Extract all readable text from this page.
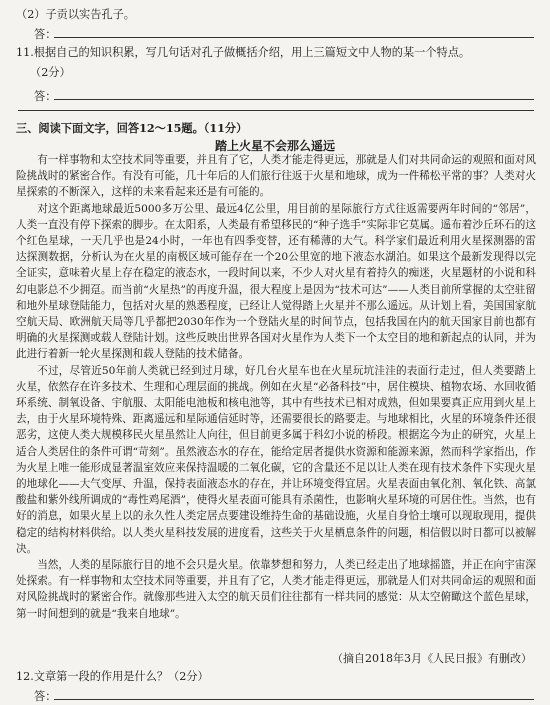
（2）子贡以实告孔子。
答：
11.根据自己的知识积累，写几句话对孔子做概括介绍，用上三篇短文中人物的某一个特点。
（2分）
答：
三、阅读下面文字，回答12～15题。（11分）
踏上火星不会那么遥远

有一样事物和太空技术同等重要，并且有了它，人类才能走得更远，那就是人们对共同命运的观照和面对风险挑战时的紧密合作。有没有可能，几十年后的人们旅行往返于火星和地球，成为一件稀松平常的事？人类对火星探索的不断深入，这样的未来看起来还是有可能的。

对这个距离地球最近5000多万公里、最远4亿公里，用目前的星际旅行方式往返需要两年时间的“邻居”，人类一直没有停下探索的脚步。在太阳系，人类最有希望移民的“种子选手”实际非它莫属。遥布着沙丘环石的这个红色星球，一天几乎也是24小时，一年也有四季变替，还有稀薄的大气。科学家们最近利用火星探测器的雷达探测数据，分析认为在火星的南极区域可能存在一个20公里宽的地下液态水湖泊。如果这个最新发现得以完全证实，意味着火星上存在稳定的液态水，一段时间以来，不少人对火星有着持久的痴迷，火星题材的小说和科幻电影总不少拥趸。而当前“火星热”的再度升温，很大程度上是因为“技术可达”——人类目前所掌握的太空驻留和地外星球登陆能力，包括对火星的熟悉程度，已经让人觉得踏上火星并不那么遥远。从计划上看，美国国家航空航天局、欧洲航天局等几乎都把2030年作为一个登陆火星的时间节点，包括我国在内的航天国家目前也都有明确的火星探测或载人登陆计划。这些反映出世界各国对火星作为人类下一个太空目的地和新起点的认同，并为此进行着新一轮火星探测和载人登陆的技术储备。

不过，尽管近50年前人类就已经到过月球，好几台火星车也在火星玩坑洼洼的表面行走过，但人类要踏上火星，依然存在许多技术、生理和心理层面的挑战。例如在火星“必备科技”中，居住模块、植物农场、水回收循环系统、制氧设备、宇航服、太阳能电池板和核电池等，其中有些技术已相对成熟，但如果要真正应用到火星上去，由于火星环境特殊、距离遥远和星际通信延时等，还需要很长的路要走。与地球相比，火星的环境条件还很恶劣，这使人类大规模移民火星虽然让人向往，但目前更多属于科幻小说的桥段。根据迄今为止的研究，火星上适合人类居住的条件可谓“苛刻”。虽然液态水的存在，能给定居者提供水资源和能源来源，然而科学家指出，作为火星上唯一能形成显著温室效应来保持温暖的二氧化碳，它的含量还不足以让人类在现有技术条件下实现火星的地球化——大气变厚、升温，保持表面液态水的存在，并让环境变得宜居。火星表面由氧化剂、氧化铁、高氯酸盐和紫外线所调成的“毒性鸡尾酒”，使得火星表面可能具有杀菌性，也影响火星环境的可居住性。当然，也有好的消息，如果火星上以的永久性人类定居点要建设维持生命的基础设施，火星自身恰土壤可以现取现用，提供稳定的结构材料供给。以人类火星科技发展的进度看，这些关于火星栖息条件的问题，相信假以时日都可以被解决。

当然，人类的星际旅行目的地不会只是火星。依靠梦想和努力，人类已经走出了地球摇篮，并正在向宇宙深处探索。有一样事物和太空技术同等重要，并且有了它，人类才能走得更远，那就是人们对共同命运的观照和面对风险挑战时的紧密合作。就像那些进入太空的航天员们往往都有一样共同的感觉：从太空俯瞰这个蓝色星球，第一时间想到的就是“我来自地球”。

（摘自2018年3月《人民日报》有删改）
12.文章第一段的作用是什么？（2分）
答：
